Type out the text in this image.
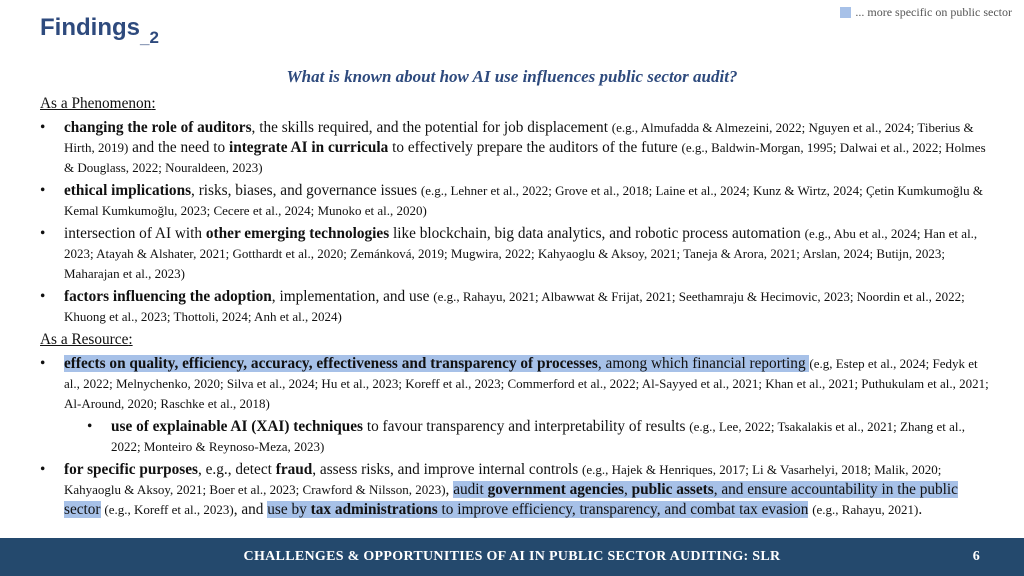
Findings$_{\_2}$
... more specific on public sector
What is known about how AI use influences public sector audit?
As a Phenomenon:
• changing the role of auditors, the skills required, and the potential for job displacement (e.g., Almufadda & Almezeini, 2022; Nguyen et al., 2024; Tiberius & Hirth, 2019) and the need to integrate AI in curricula to effectively prepare the auditors of the future (e.g., Baldwin-Morgan, 1995; Dalwai et al., 2022; Holmes & Douglass, 2022; Nouraldeen, 2023)
• ethical implications, risks, biases, and governance issues (e.g., Lehner et al., 2022; Grove et al., 2018; Laine et al., 2024; Kunz & Wirtz, 2024; Çetin Kumkumoğlu & Kemal Kumkumoğlu, 2023; Cecere et al., 2024; Munoko et al., 2020)
• intersection of AI with other emerging technologies like blockchain, big data analytics, and robotic process automation (e.g., Abu et al., 2024; Han et al., 2023; Atayah & Alshater, 2021; Gotthardt et al., 2020; Zemánková, 2019; Mugwira, 2022; Kahyaoglu & Aksoy, 2021; Taneja & Arora, 2021; Arslan, 2024; Butijn, 2023; Maharajan et al., 2023)
• factors influencing the adoption, implementation, and use (e.g., Rahayu, 2021; Albawwat & Frijat, 2021; Seethamraju & Hecimovic, 2023; Noordin et al., 2022; Khuong et al., 2023; Thottoli, 2024; Anh et al., 2024)
As a Resource:
• effects on quality, efficiency, accuracy, effectiveness and transparency of processes, among which financial reporting (e.g, Estep et al., 2024; Fedyk et al., 2022; Melnychenko, 2020; Silva et al., 2024; Hu et al., 2023; Koreff et al., 2023; Commerford et al., 2022; Al-Sayyed et al., 2021; Khan et al., 2021; Puthukulam et al., 2021; Al-Around, 2020; Raschke et al., 2018)
• use of explainable AI (XAI) techniques to favour transparency and interpretability of results (e.g., Lee, 2022; Tsakalakis et al., 2021; Zhang et al., 2022; Monteiro & Reynoso-Meza, 2023)
• for specific purposes, e.g., detect fraud, assess risks, and improve internal controls (e.g., Hajek & Henriques, 2017; Li & Vasarhelyi, 2018; Malik, 2020; Kahyaoglu & Aksoy, 2021; Boer et al., 2023; Crawford & Nilsson, 2023), audit government agencies, public assets, and ensure accountability in the public sector (e.g., Koreff et al., 2023), and use by tax administrations to improve efficiency, transparency, and combat tax evasion (e.g., Rahayu, 2021).
CHALLENGES & OPPORTUNITIES OF AI IN PUBLIC SECTOR AUDITING: SLR	6
